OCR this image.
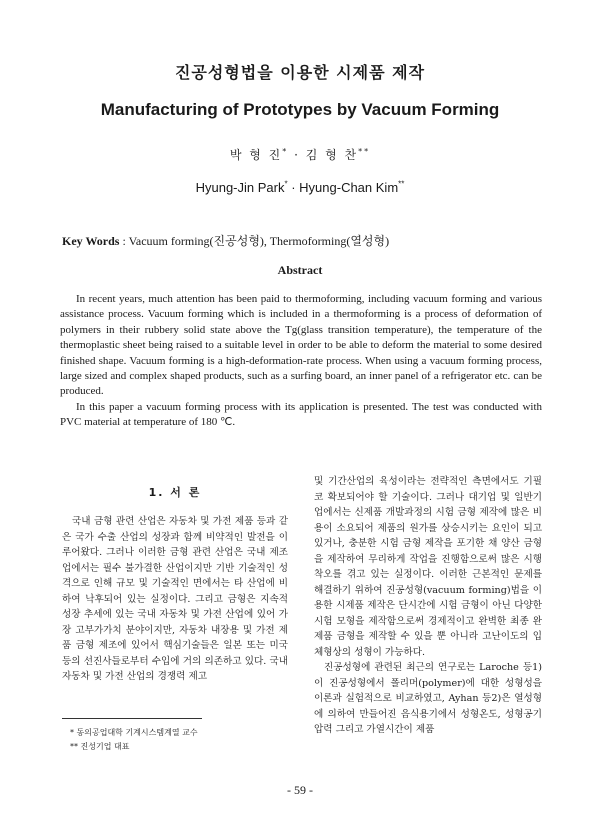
진공성형법을 이용한 시제품 제작
Manufacturing of Prototypes by Vacuum Forming
박 형 진* · 김 형 찬**
Hyung-Jin Park* · Hyung-Chan Kim**
Key Words : Vacuum forming(진공성형), Thermoforming(열성형)
Abstract

In recent years, much attention has been paid to thermoforming, including vacuum forming and various assistance process. Vacuum forming which is included in a thermoforming is a process of deformation of polymers in their rubbery solid state above the Tg(glass transition temperature), the temperature of the thermoplastic sheet being raised to a suitable level in order to be able to deform the material to some desired finished shape. Vacuum forming is a high-deformation-rate process. When using a vacuum forming process, large sized and complex shaped products, such as a surfing board, an inner panel of a refrigerator etc. can be produced.

In this paper a vacuum forming process with its application is presented. The test was conducted with PVC material at temperature of 180 ℃.

1. 서 론

국내 금형 관련 산업은 자동차 및 가전 제품 등과 같은 국가 수출 산업의 성장과 함께 비약적인 발전을 이루어왔다. 그러나 이러한 금형 관련 산업은 국내 제조업에서는 필수 불가결한 산업이지만 기반 기술적인 성격으로 인해 규모 및 기술적인 면에서는 타 산업에 비하여 낙후되어 있는 실정이다. 그리고 금형은 지속적 성장 추세에 있는 국내 자동차 및 가전 산업에 있어 가장 고부가가치 분야이지만, 자동차 내장용 및 가전 제품 금형 제조에 있어서 핵심기술들은 일본 또는 미국 등의 선진사들로부터 수입에 거의 의존하고 있다. 국내 자동차 및 가전 산업의 경쟁력 제고

* 동의공업대학 기계시스템계열 교수
** 진성기업 대표

및 기간산업의 육성이라는 전략적인 측면에서도 기필코 확보되어야 할 기술이다. 그러나 대기업 및 일반기업에서는 신제품 개발과정의 시험 금형 제작에 많은 비용이 소요되어 제품의 원가를 상승시키는 요인이 되고 있거나, 충분한 시험 금형 제작을 포기한 채 양산 금형을 제작하여 무리하게 작업을 진행함으로써 많은 시행착오를 겪고 있는 실정이다. 이러한 근본적인 문제를 해결하기 위하여 진공성형(vacuum forming)법을 이용한 시제품 제작은 단시간에 시험 금형이 아닌 다양한 시험 모형을 제작함으로써 경제적이고 완벽한 최종 완제품 금형을 제작할 수 있을 뿐 아니라 고난이도의 입체형상의 성형이 가능하다.

진공성형에 관련된 최근의 연구로는 Laroche 등1)이 진공성형에서 폴리머(polymer)에 대한 성형성을 이론과 실험적으로 비교하였고, Ayhan 등2)은 열성형에 의하여 만들어진 음식용기에서 성형온도, 성형공기압력 그리고 가열시간이 제품

- 59 -
